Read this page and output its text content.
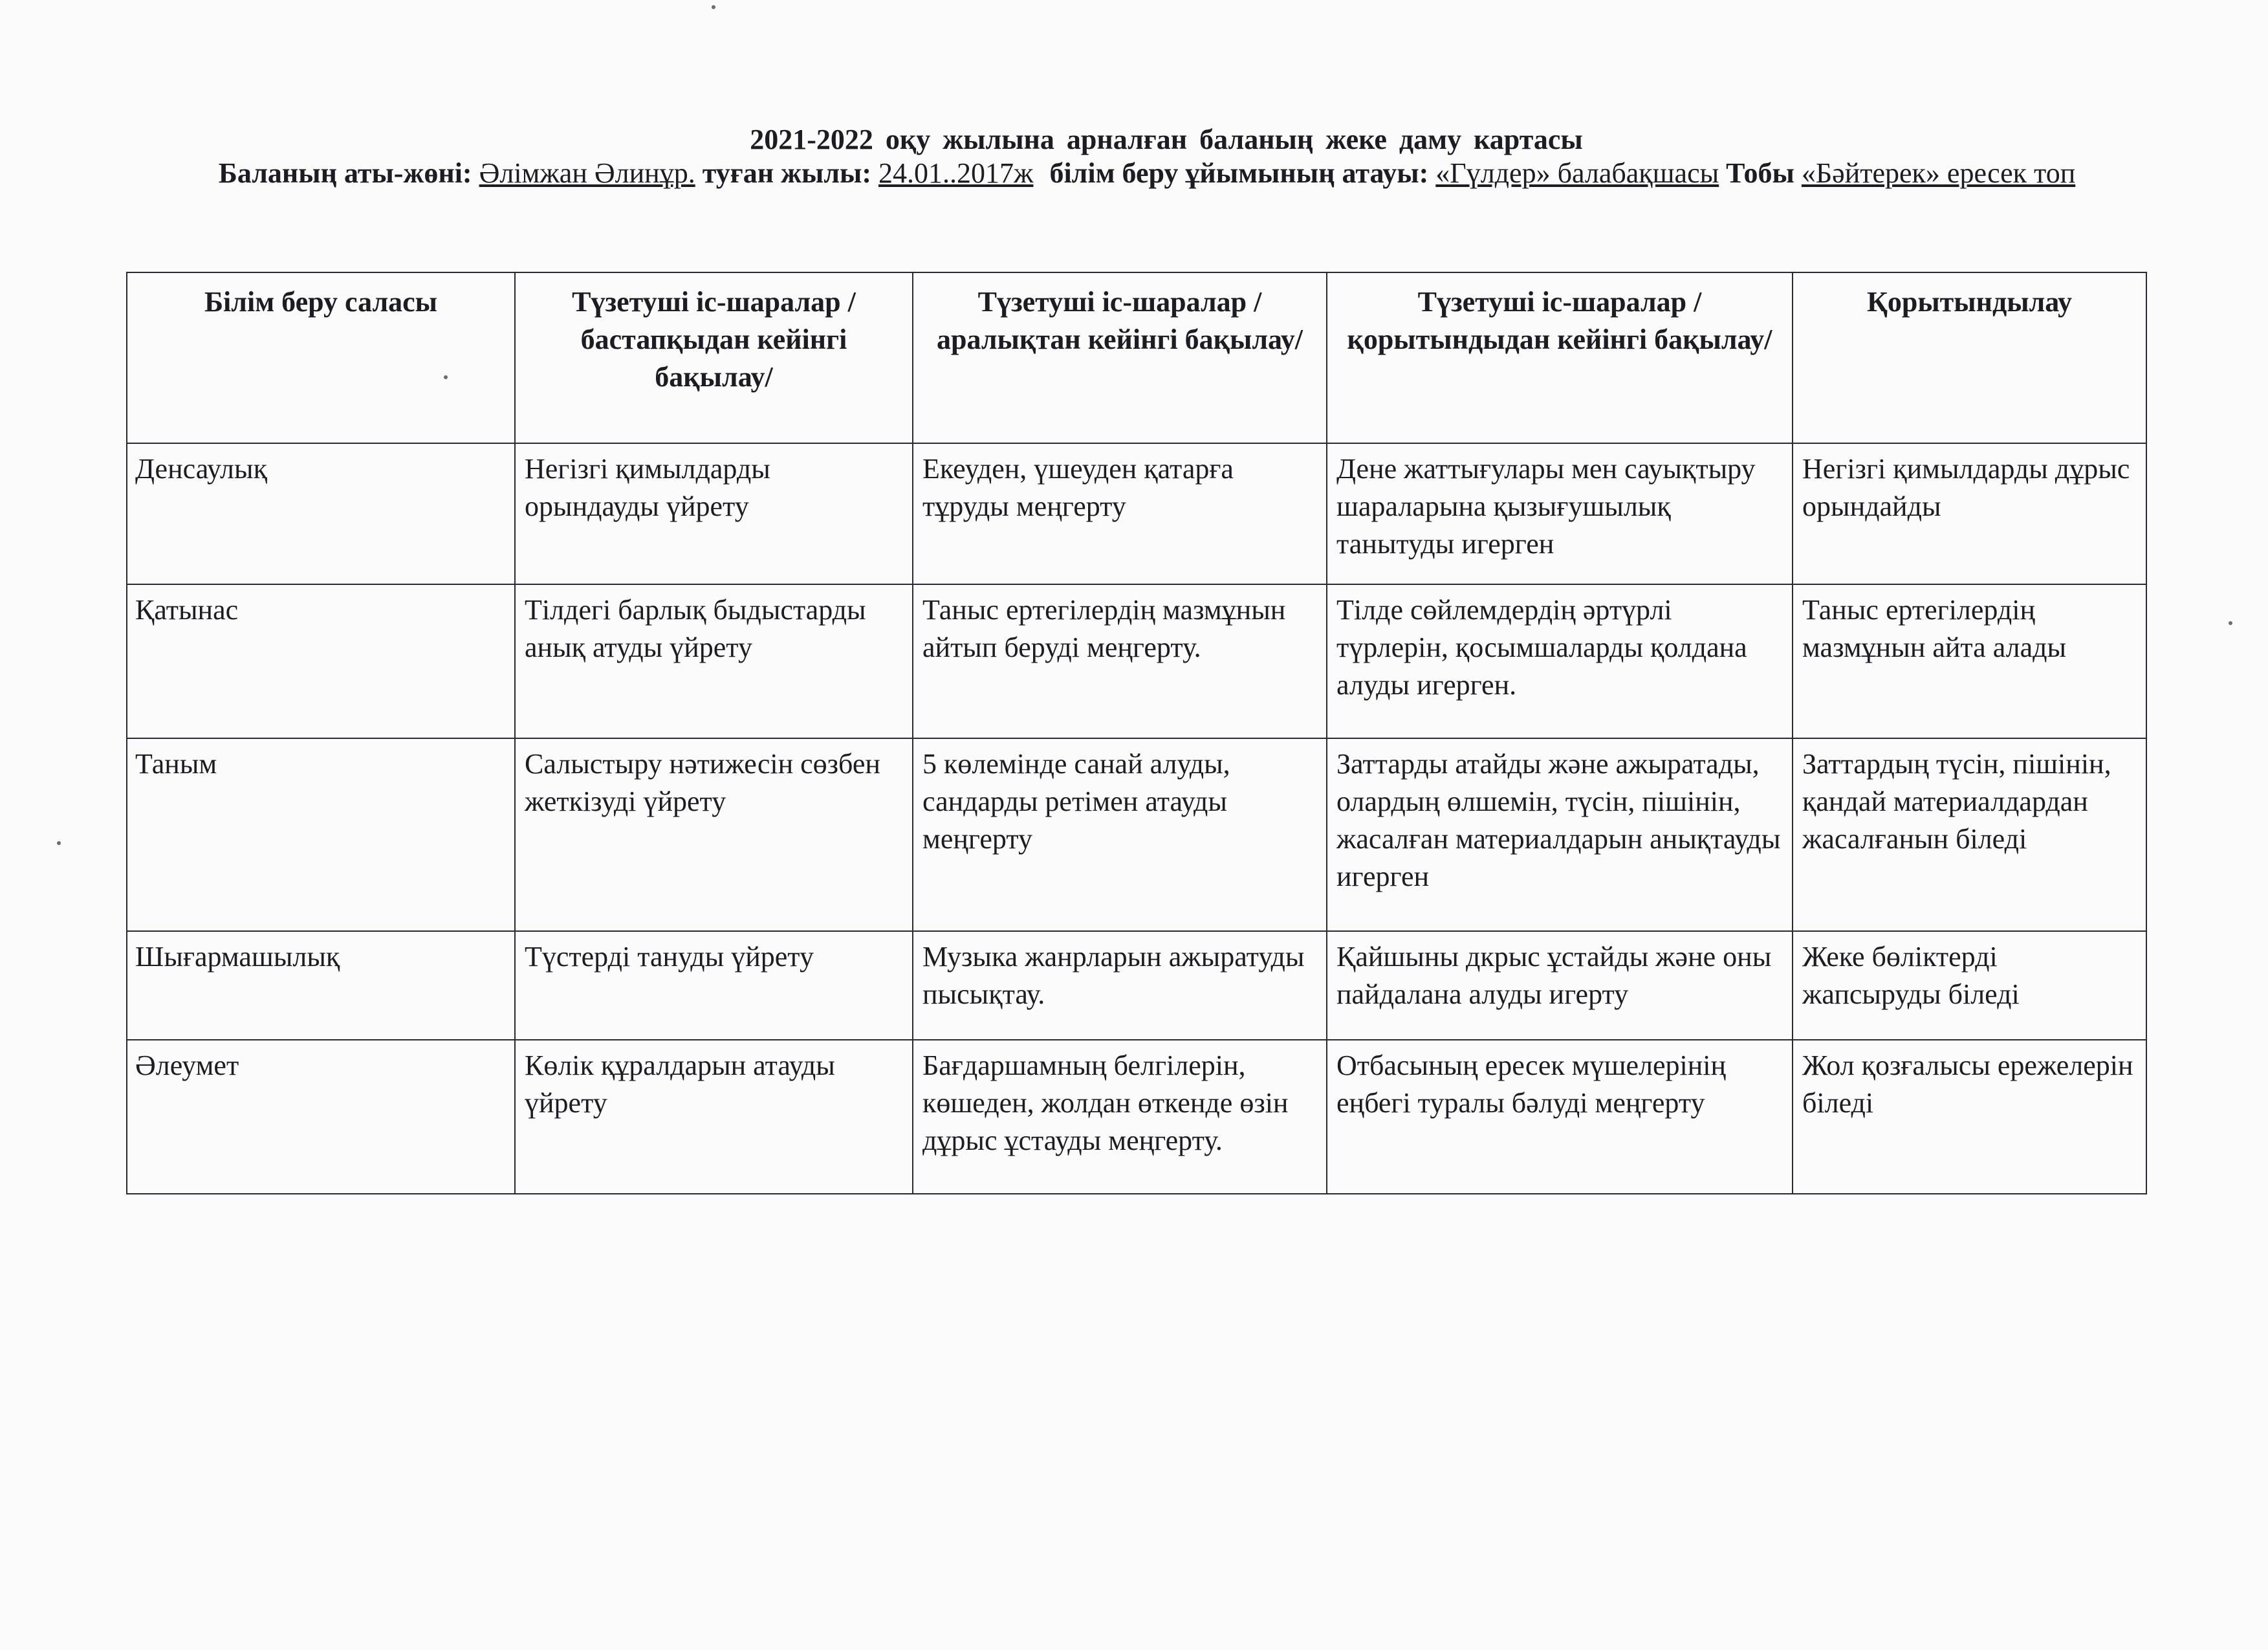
2021-2022 оқу жылына арналған баланың жеке даму картасы
Баланың аты-жөні: Әлімжан Әлинұр. туған жылы: 24.01..2017ж білім беру ұйымының атауы: «Гүлдер» балабақшасы Тобы «Бәйтерек» ересек топ
Білім беру саласы	Түзетуші іс-шаралар /бастапқыдан кейінгі бақылау/	Түзетуші іс-шаралар / аралықтан кейінгі бақылау/	Түзетуші іс-шаралар / қорытындыдан кейінгі бақылау/	Қорытындылау
Денсаулық	Негізгі қимылдарды орындауды үйрету	Екеуден, үшеуден қатарға тұруды меңгерту	Дене жаттығулары мен сауықтыру шараларына қызығушылық танытуды игерген	Негізгі қимылдарды дұрыс орындайды
Қатынас	Тілдегі барлық быдыстарды анық атуды үйрету	Таныс ертегілердің мазмұнын айтып беруді меңгерту.	Тілде сөйлемдердің әртүрлі түрлерін, қосымшаларды қолдана алуды игерген.	Таныс ертегілердің мазмұнын айта алады
Таным	Салыстыру нәтижесін сөзбен жеткізуді үйрету	5 көлемінде санай алуды, сандарды ретімен атауды меңгерту	Заттарды атайды және ажыратады, олардың өлшемін, түсін, пішінін, жасалған материалдарын анықтауды игерген	Заттардың түсін, пішінін, қандай материалдардан жасалғанын біледі
Шығармашылық	Түстерді тануды үйрету	Музыка жанрларын ажыратуды пысықтау.	Қайшыны дкрыс ұстайды және оны пайдалана алуды игерту	Жеке бөліктерді жапсыруды біледі
Әлеумет	Көлік құралдарын атауды үйрету	Бағдаршамның белгілерін, көшеден, жолдан өткенде өзін дұрыс ұстауды меңгерту.	Отбасының ересек мүшелерінің еңбегі туралы бәлуді меңгерту	Жол қозғалысы ережелерін біледі
